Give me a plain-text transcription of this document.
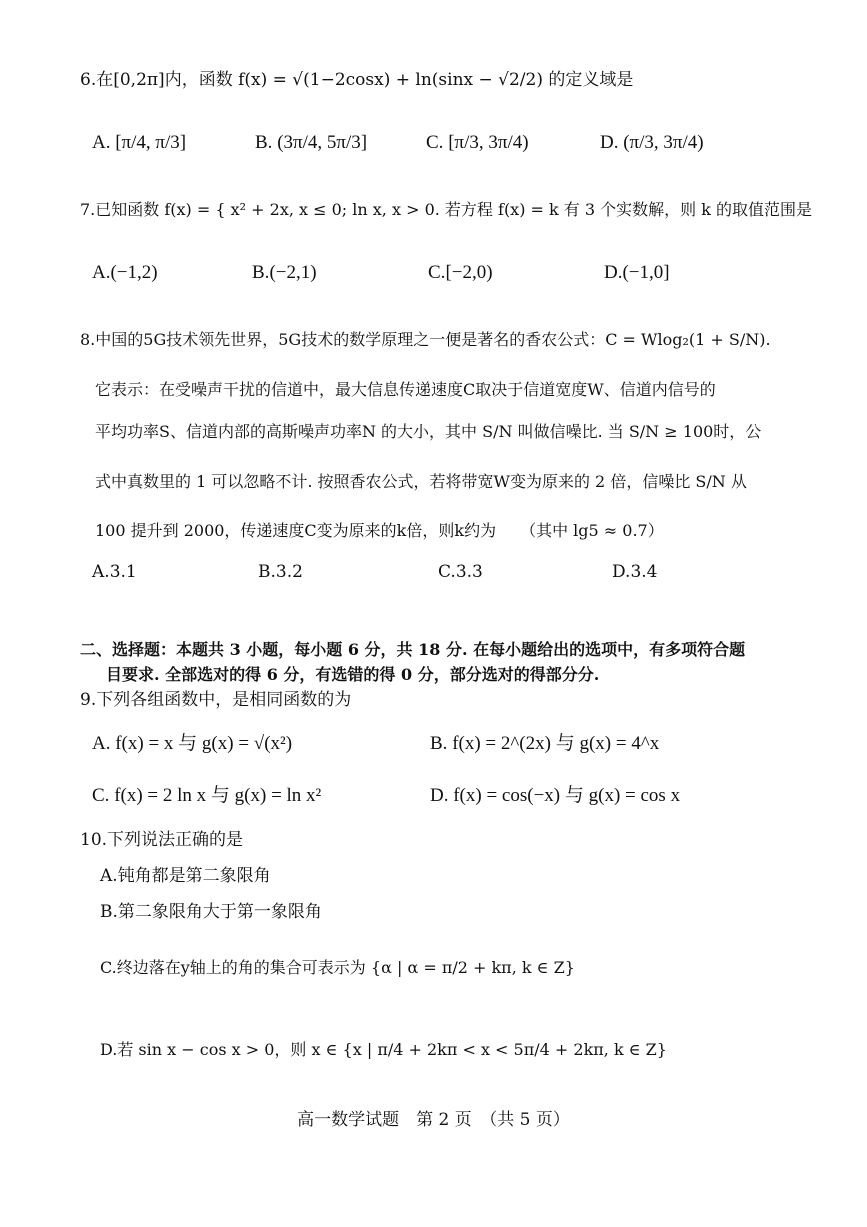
6.在[0,2π]内，函数 f(x) = √(1−2cosx) + ln(sinx − √2/2) 的定义域是
A. [π/4, π/3]	B. (3π/4, 5π/3]	C. [π/3, 3π/4)	D. (π/3, 3π/4)
7.已知函数 f(x) = { x² + 2x, x ≤ 0; ln x, x > 0. 若方程 f(x) = k 有 3 个实数解，则 k 的取值范围是
A.(−1,2)	B.(−2,1)	C.[−2,0)	D.(−1,0]
8.中国的5G技术领先世界，5G技术的数学原理之一便是著名的香农公式：C = Wlog₂(1 + S/N).
它表示：在受噪声干扰的信道中，最大信息传递速度C取决于信道宽度W、信道内信号的
平均功率S、信道内部的高斯噪声功率N 的大小，其中 S/N 叫做信噪比. 当 S/N ≥ 100时，公
式中真数里的 1 可以忽略不计. 按照香农公式，若将带宽W变为原来的 2 倍，信噪比 S/N 从
100 提升到 2000，传递速度C变为原来的k倍，则k约为　　（其中 lg5 ≈ 0.7）
A.3.1	B.3.2	C.3.3	D.3.4
二、选择题：本题共 3 小题，每小题 6 分，共 18 分. 在每小题给出的选项中，有多项符合题
目要求. 全部选对的得 6 分，有选错的得 0 分，部分选对的得部分分.
9.下列各组函数中，是相同函数的为
A. f(x) = x 与 g(x) = √(x²)	B. f(x) = 2^(2x) 与 g(x) = 4^x
C. f(x) = 2 ln x 与 g(x) = ln x²	D. f(x) = cos(−x) 与 g(x) = cos x
10.下列说法正确的是
A.钝角都是第二象限角
B.第二象限角大于第一象限角
C.终边落在y轴上的角的集合可表示为 {α | α = π/2 + kπ, k ∈ Z}
D.若 sin x − cos x > 0，则 x ∈ {x | π/4 + 2kπ < x < 5π/4 + 2kπ, k ∈ Z}
高一数学试题　第 2 页　（共 5 页）
